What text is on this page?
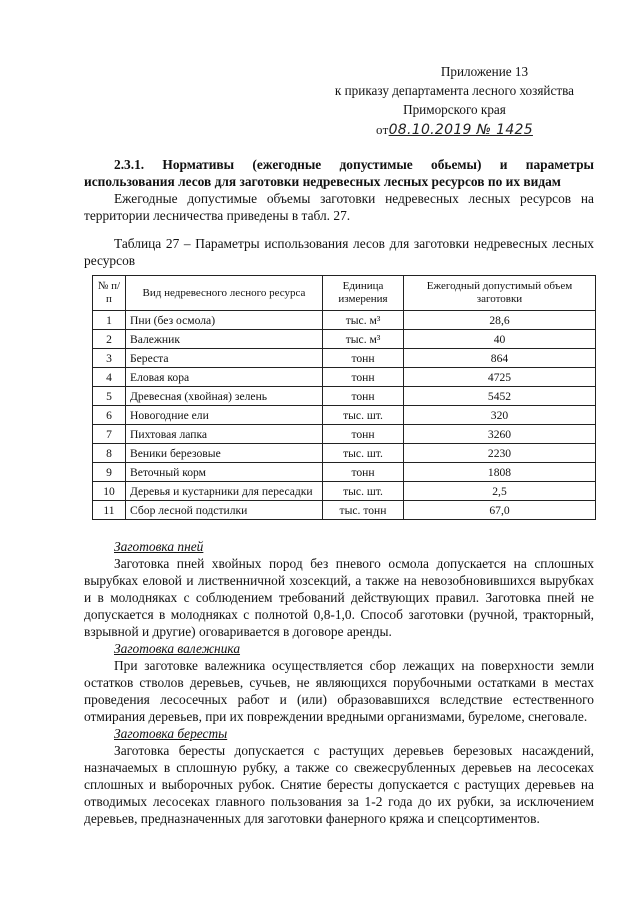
Приложение 13
к приказу департамента лесного хозяйства
Приморского края
от08.10.2019 № 1425
2.3.1. Нормативы (ежегодные допустимые обьемы) и параметры использования лесов для заготовки недревесных лесных ресурсов по их видам

Ежегодные допустимые объемы заготовки недревесных лесных ресурсов на территории лесничества приведены в табл. 27.

Таблица 27 – Параметры использования лесов для заготовки недревесных лесных ресурсов
№ п/п	Вид недревесного лесного ресурса	Единица измерения	Ежегодный допустимый объем заготовки
1	Пни (без осмола)	тыс. м³	28,6
2	Валежник	тыс. м³	40
3	Береста	тонн	864
4	Еловая кора	тонн	4725
5	Древесная (хвойная) зелень	тонн	5452
6	Новогодние ели	тыс. шт.	320
7	Пихтовая лапка	тонн	3260
8	Веники березовые	тыс. шт.	2230
9	Веточный корм	тонн	1808
10	Деревья и кустарники для пересадки	тыс. шт.	2,5
11	Сбор лесной подстилки	тыс. тонн	67,0
Заготовка пней

Заготовка пней хвойных пород без пневого осмола допускается на сплошных вырубках еловой и лиственничной хозсекций, а также на невозобновившихся вырубках и в молодняках с соблюдением требований действующих правил. Заготовка пней не допускается в молодняках с полнотой 0,8-1,0. Способ заготовки (ручной, тракторный, взрывной и другие) оговаривается в договоре аренды.

Заготовка валежника

При заготовке валежника осуществляется сбор лежащих на поверхности земли остатков стволов деревьев, сучьев, не являющихся порубочными остатками в местах проведения лесосечных работ и (или) образовавшихся вследствие естественного отмирания деревьев, при их повреждении вредными организмами, буреломе, снеговале.

Заготовка бересты

Заготовка бересты допускается с растущих деревьев березовых насаждений, назначаемых в сплошную рубку, а также со свежесрубленных деревьев на лесосеках сплошных и выборочных рубок. Снятие бересты допускается с растущих деревьев на отводимых лесосеках главного пользования за 1-2 года до их рубки, за исключением деревьев, предназначенных для заготовки фанерного кряжа и спецсортиментов.
